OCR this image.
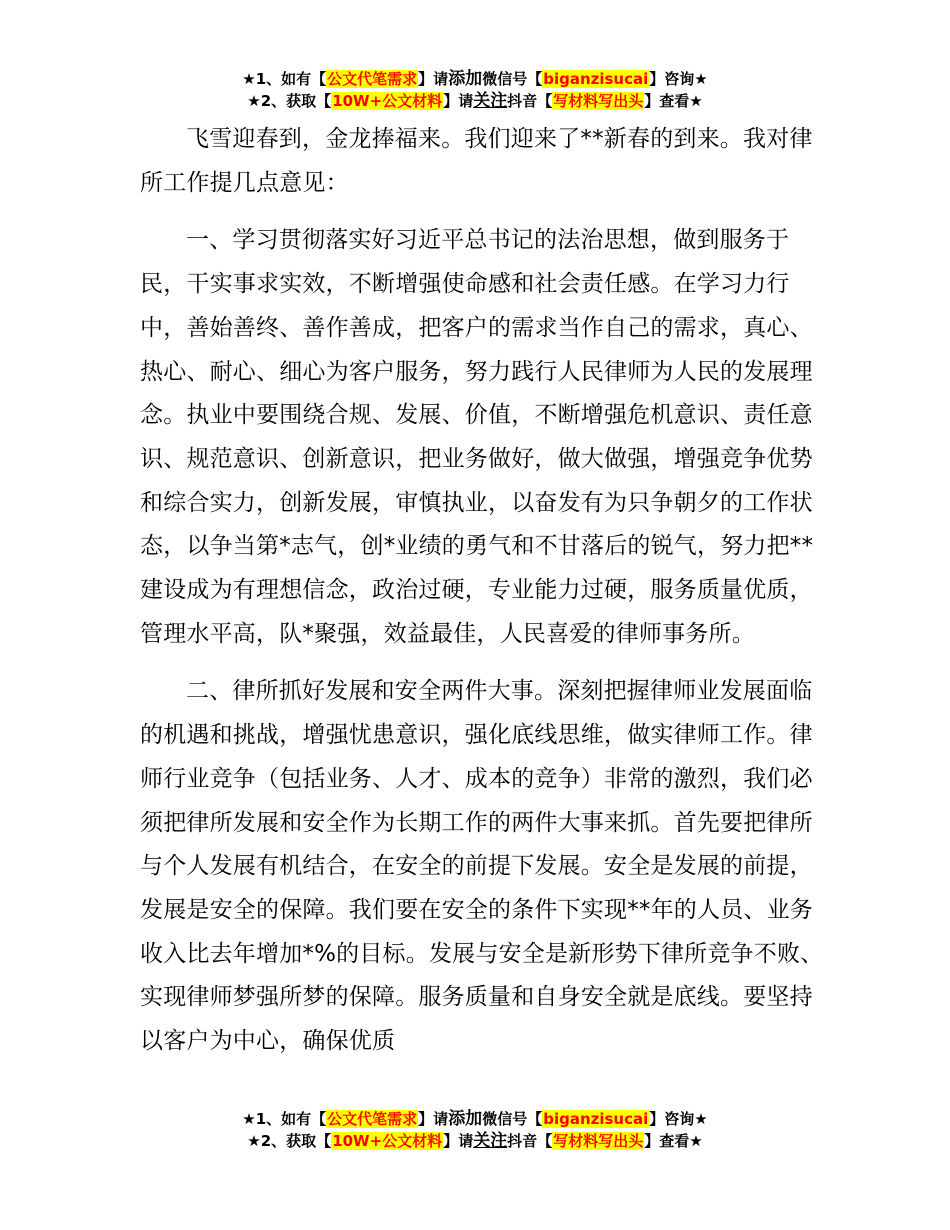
★1、如有【公文代笔需求】请添加微信号【biganzisucai】咨询★
★2、获取【10W+公文材料】请关注抖音【写材料写出头】查看★

飞雪迎春到，金龙捧福来。我们迎来了**新春的到来。我对律所工作提几点意见：

一、学习贯彻落实好习近平总书记的法治思想，做到服务于民，干实事求实效，不断增强使命感和社会责任感。在学习力行中，善始善终、善作善成，把客户的需求当作自己的需求，真心、热心、耐心、细心为客户服务，努力践行人民律师为人民的发展理念。执业中要围绕合规、发展、价值，不断增强危机意识、责任意识、规范意识、创新意识，把业务做好，做大做强，增强竞争优势和综合实力，创新发展，审慎执业，以奋发有为只争朝夕的工作状态，以争当第*志气，创*业绩的勇气和不甘落后的锐气，努力把**建设成为有理想信念，政治过硬，专业能力过硬，服务质量优质，管理水平高，队*聚强，效益最佳，人民喜爱的律师事务所。

二、律所抓好发展和安全两件大事。深刻把握律师业发展面临的机遇和挑战，增强忧患意识，强化底线思维，做实律师工作。律师行业竞争（包括业务、人才、成本的竞争）非常的激烈，我们必须把律所发展和安全作为长期工作的两件大事来抓。首先要把律所与个人发展有机结合，在安全的前提下发展。安全是发展的前提，发展是安全的保障。我们要在安全的条件下实现**年的人员、业务收入比去年增加*%的目标。发展与安全是新形势下律所竞争不败、实现律师梦强所梦的保障。服务质量和自身安全就是底线。要坚持以客户为中心，确保优质

★1、如有【公文代笔需求】请添加微信号【biganzisucai】咨询★
★2、获取【10W+公文材料】请关注抖音【写材料写出头】查看★
